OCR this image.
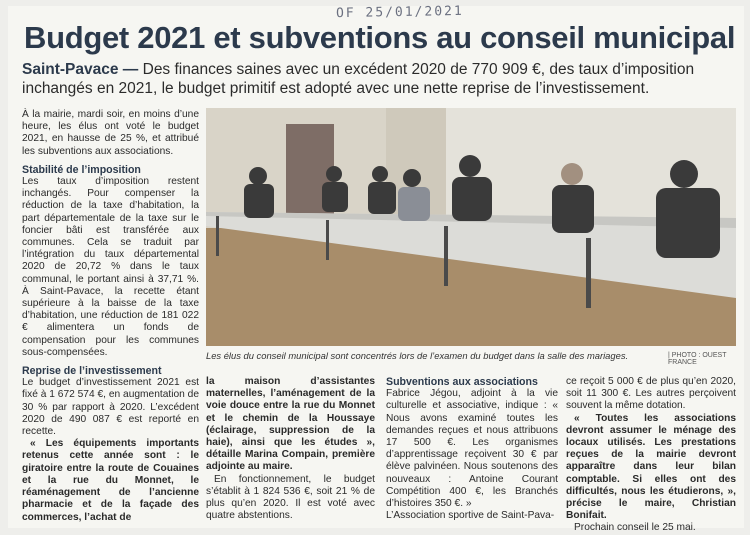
OF 25/01/2021
Budget 2021 et subventions au conseil municipal
Saint-Pavace — Des finances saines avec un excédent 2020 de 770 909 €, des taux d’imposition inchangés en 2021, le budget primitif est adopté avec une nette reprise de l’investissement.

À la mairie, mardi soir, en moins d’une heure, les élus ont voté le budget 2021, en hausse de 25 %, et attribué les subventions aux associations.

Stabilité de l’imposition

Les taux d’imposition restent inchangés. Pour compenser la réduction de la taxe d’habitation, la part départementale de la taxe sur le foncier bâti est transférée aux communes. Cela se traduit par l’intégration du taux départemental 2020 de 20,72 % dans le taux communal, le portant ainsi à 37,71 %. À Saint-Pavace, la recette étant supérieure à la baisse de la taxe d’habitation, une réduction de 181 022 € alimentera un fonds de compensation pour les communes sous-compensées.

Reprise de l’investissement

Le budget d’investissement 2021 est fixé à 1 672 574 €, en augmentation de 30 % par rapport à 2020. L’excédent 2020 de 490 087 € est reporté en recette.

« Les équipements importants retenus cette année sont : le giratoire entre la route de Couaines et la rue du Monnet, le réaménagement de l’ancienne pharmacie et de la façade des commerces, l’achat de

Les élus du conseil municipal sont concentrés lors de l’examen du budget dans la salle des mariages.	| PHOTO : OUEST FRANCE

la maison d’assistantes maternelles, l’aménagement de la voie douce entre la rue du Monnet et le chemin de la Houssaye (éclairage, suppression de la haie), ainsi que les études », détaille Marina Compain, première adjointe au maire.

En fonctionnement, le budget s’établit à 1 824 536 €, soit 21 % de plus qu’en 2020. Il est voté avec quatre abstentions.

Subventions aux associations

Fabrice Jégou, adjoint à la vie culturelle et associative, indique : « Nous avons examiné toutes les demandes reçues et nous attribuons 17 500 €. Les organismes d’apprentissage reçoivent 30 € par élève palvinéen. Nous soutenons des nouveaux : Antoine Courant Compétition 400 €, les Branchés d’histoires 350 €. »

L’Association sportive de Saint-Pava-

ce reçoit 5 000 € de plus qu’en 2020, soit 11 300 €. Les autres perçoivent souvent la même dotation.

« Toutes les associations devront assumer le ménage des locaux utilisés. Les prestations reçues de la mairie devront apparaître dans leur bilan comptable. Si elles ont des difficultés, nous les étudierons, », précise le maire, Christian Bonifait.

Prochain conseil le 25 mai.
